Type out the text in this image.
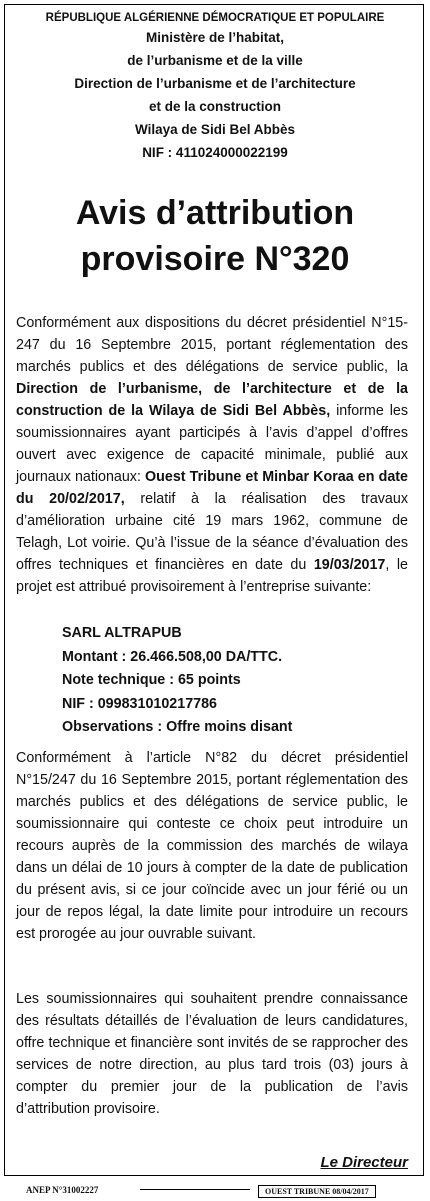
RÉPUBLIQUE ALGÉRIENNE DÉMOCRATIQUE ET POPULAIRE
Ministère de l’habitat,
de l’urbanisme et de la ville
Direction de l’urbanisme et de l’architecture
et de la construction
Wilaya de Sidi Bel Abbès
NIF : 411024000022199
Avis d’attribution
provisoire N°320

Conformément aux dispositions du décret présidentiel N°15-247 du 16 Septembre 2015, portant réglementation des marchés publics et des délégations de service public, la Direction de l’urbanisme, de l’architecture et de la construction de la Wilaya de Sidi Bel Abbès, informe les soumissionnaires ayant participés à l’avis d’appel d’offres ouvert avec exigence de capacité minimale, publié aux journaux nationaux: Ouest Tribune et Minbar Koraa en date du 20/02/2017, relatif à la réalisation des travaux d’amélioration urbaine cité 19 mars 1962, commune de Telagh, Lot voirie. Qu’à l’issue de la séance d’évaluation des offres techniques et financières en date du 19/03/2017, le projet est attribué provisoirement à l’entreprise suivante:

SARL ALTRAPUB
Montant : 26.466.508,00 DA/TTC.
Note technique : 65 points
NIF : 099831010217786
Observations : Offre moins disant

Conformément à l’article N°82 du décret présidentiel N°15/247 du 16 Septembre 2015, portant réglementation des marchés publics et des délégations de service public, le soumissionnaire qui conteste ce choix peut introduire un recours auprès de la commission des marchés de wilaya dans un délai de 10 jours à compter de la date de publication du présent avis, si ce jour coïncide avec un jour férié ou un jour de repos légal, la date limite pour introduire un recours est prorogée au jour ouvrable suivant.

Les soumissionnaires qui souhaitent prendre connaissance des résultats détaillés de l’évaluation de leurs candidatures, offre technique et financière sont invités de se rapprocher des services de notre direction, au plus tard trois (03) jours à compter du premier jour de la publication de l’avis d’attribution provisoire.

Le Directeur
ANEP N°31002227	OUEST TRIBUNE 08/04/2017
